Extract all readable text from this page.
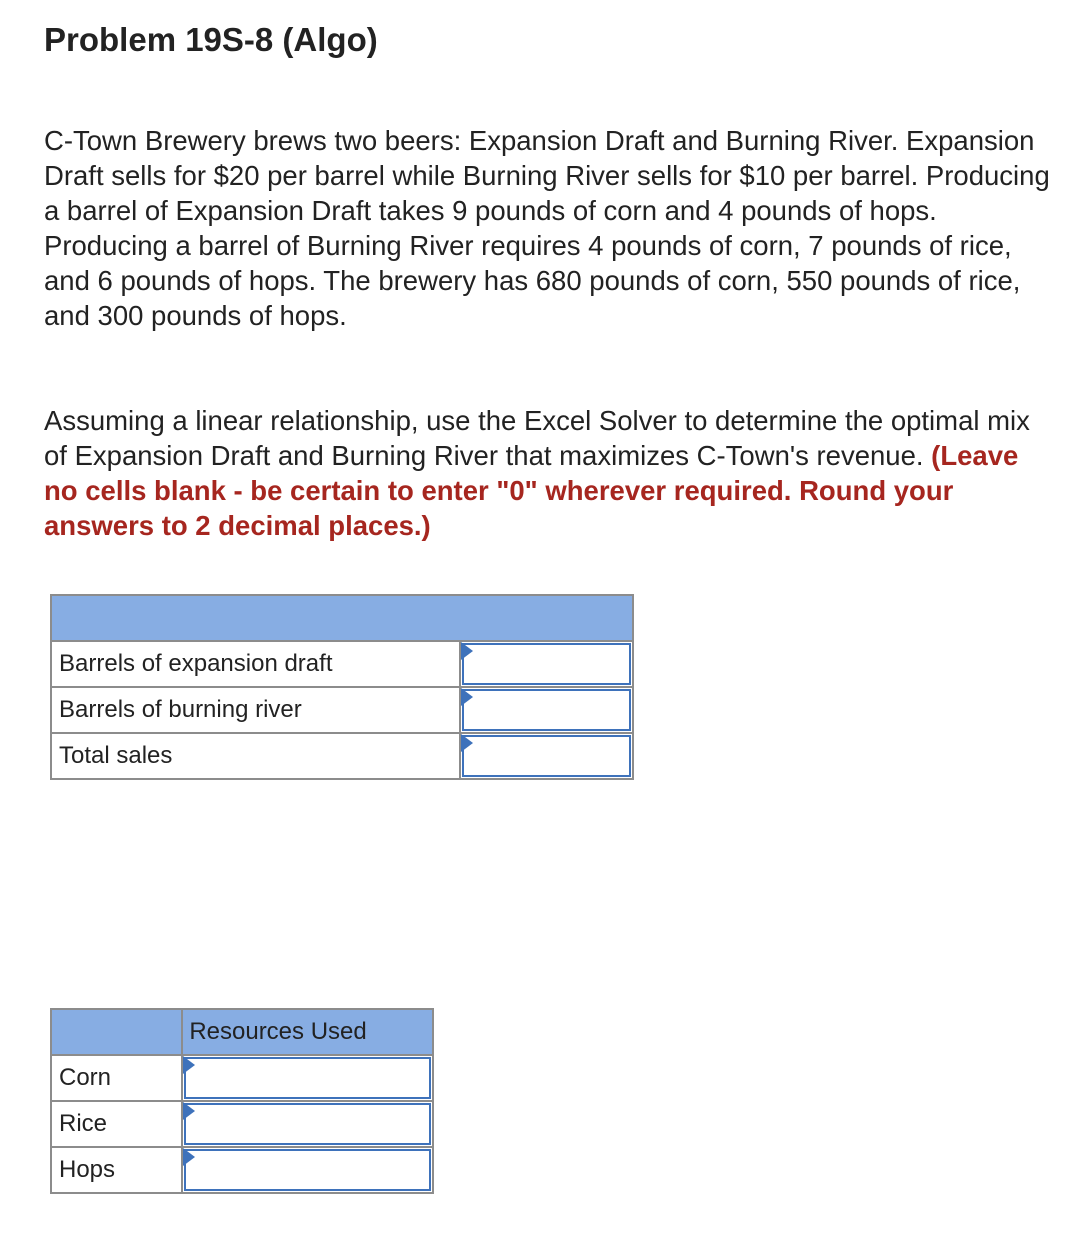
Problem 19S-8 (Algo)

C-Town Brewery brews two beers: Expansion Draft and Burning River. Expansion Draft sells for $20 per barrel while Burning River sells for $10 per barrel. Producing a barrel of Expansion Draft takes 9 pounds of corn and 4 pounds of hops. Producing a barrel of Burning River requires 4 pounds of corn, 7 pounds of rice, and 6 pounds of hops. The brewery has 680 pounds of corn, 550 pounds of rice, and 300 pounds of hops.

Assuming a linear relationship, use the Excel Solver to determine the optimal mix of Expansion Draft and Burning River that maximizes C-Town's revenue. (Leave no cells blank - be certain to enter "0" wherever required. Round your answers to 2 decimal places.)

Barrels of expansion draft	

Barrels of burning river	

Total sales	
	Resources Used
Corn	

Rice	

Hops	
